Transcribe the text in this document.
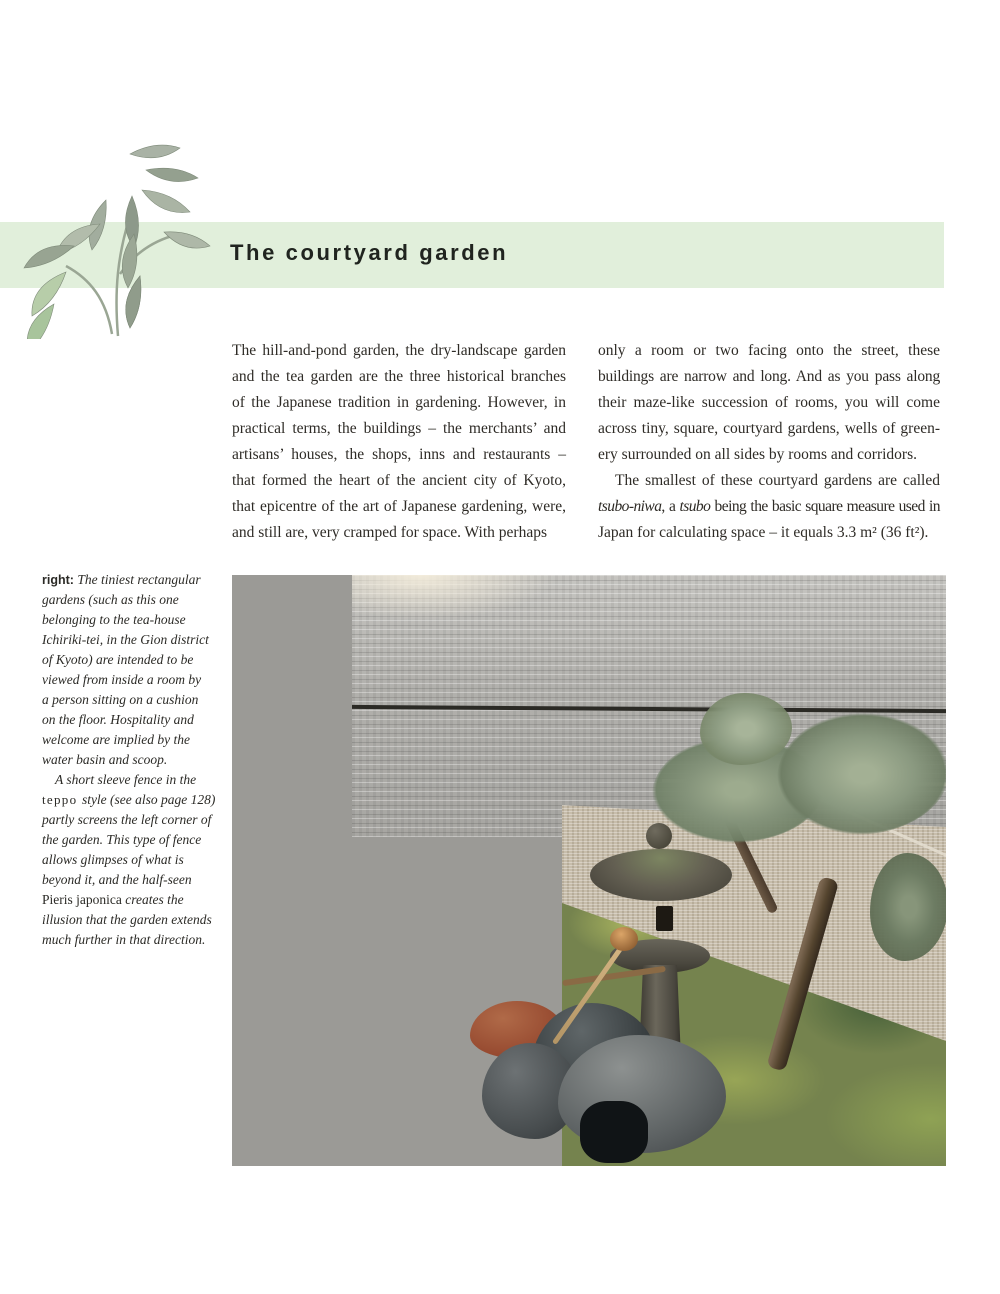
The courtyard garden
The hill-and-pond garden, the dry-landscape garden
and the tea garden are the three historical branches
of the Japanese tradition in gardening. However, in
practical terms, the buildings – the merchants’ and
artisans’ houses, the shops, inns and restaurants –
that formed the heart of the ancient city of Kyoto,
that epicentre of the art of Japanese gardening, were,
and still are, very cramped for space. With perhaps
only a room or two facing onto the street, these
buildings are narrow and long. And as you pass along
their maze-like succession of rooms, you will come
across tiny, square, courtyard gardens, wells of green-
ery surrounded on all sides by rooms and corridors.
The smallest of these courtyard gardens are called
tsubo-niwa, a tsubo being the basic square measure used in
Japan for calculating space – it equals 3.3 m² (36 ft²).
right: The tiniest rectangular
gardens (such as this one
belonging to the tea-house
Ichiriki-tei, in the Gion district
of Kyoto) are intended to be
viewed from inside a room by
a person sitting on a cushion
on the floor. Hospitality and
welcome are implied by the
water basin and scoop.
A short sleeve fence in the
teppo style (see also page 128)
partly screens the left corner of
the garden. This type of fence
allows glimpses of what is
beyond it, and the half-seen
Pieris japonica creates the
illusion that the garden extends
much further in that direction.
